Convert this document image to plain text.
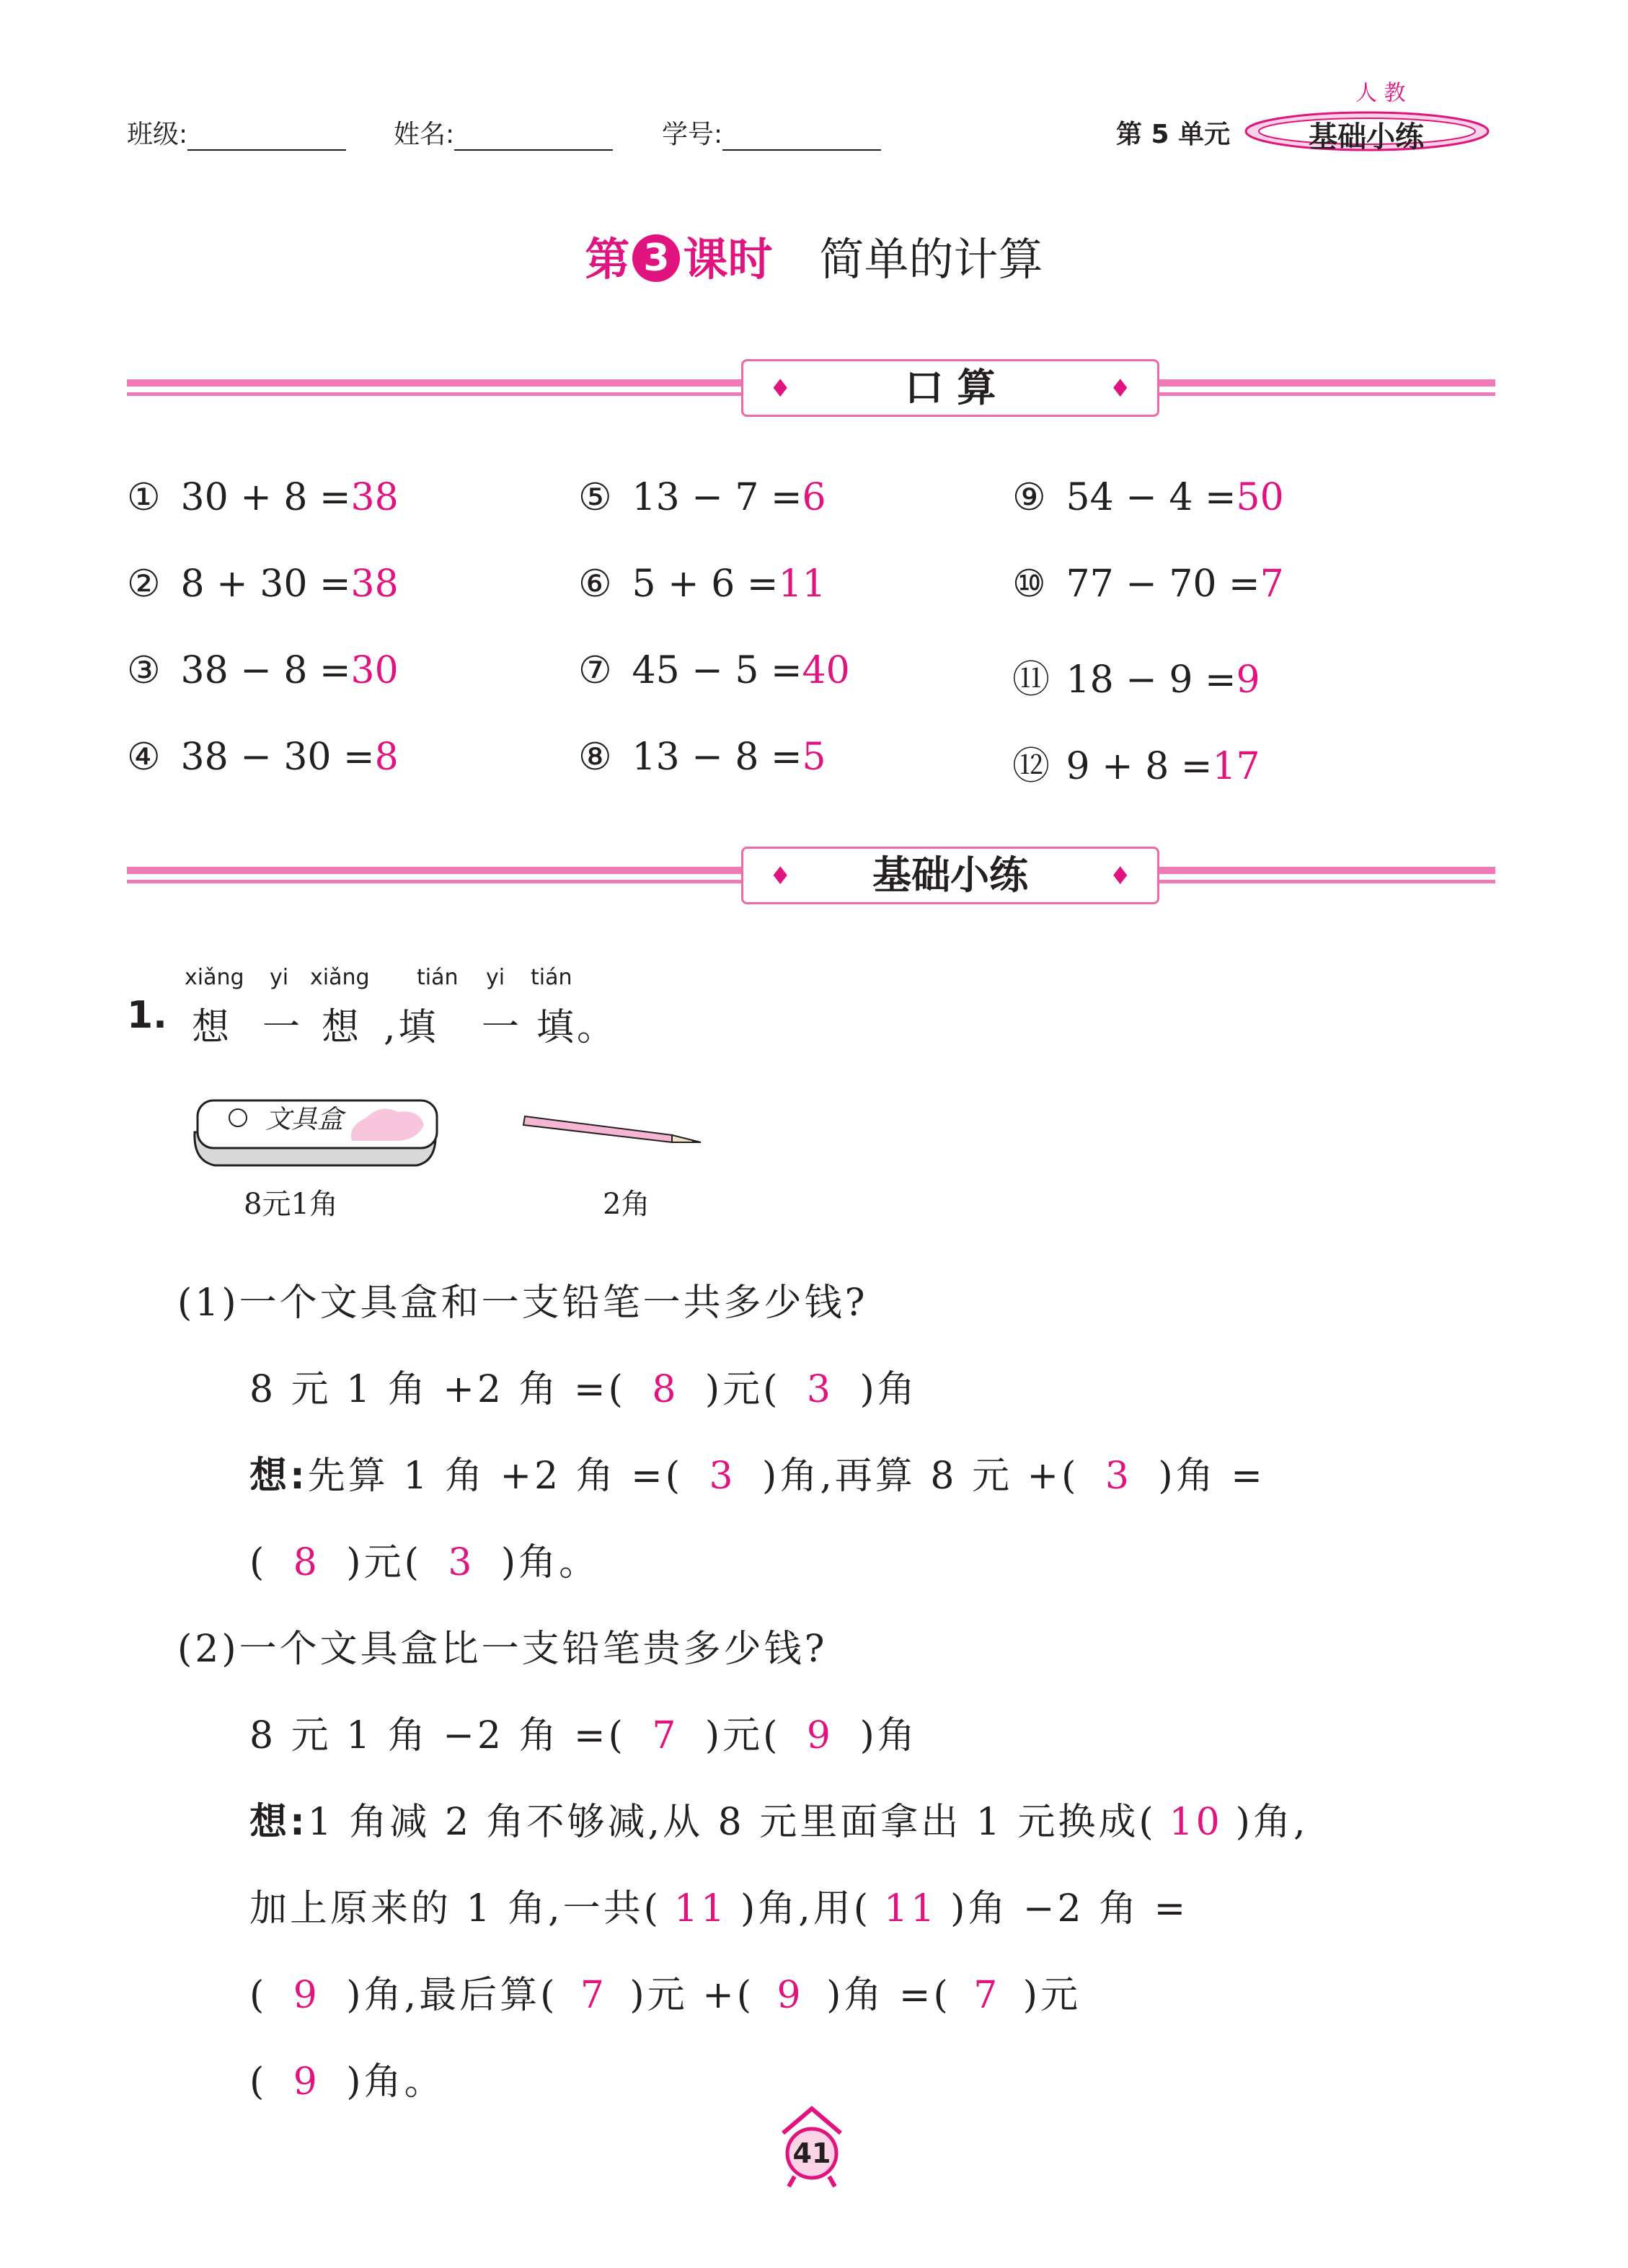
班级:	姓名:	学号:	第 5 单元
人 教
基础小练
第 3 课时 简单的计算
♦	口 算	♦
① 30 + 8 =38
② 8 + 30 =38
③ 38 − 8 =30
④ 38 − 30 =8
⑤ 13 − 7 =6
⑥ 5 + 6 =11
⑦ 45 − 5 =40
⑧ 13 − 8 =5
⑨ 54 − 4 =50
⑩ 77 − 70 =7
⑪ 18 − 9 =9
⑫ 9 + 8 =17
♦ 基础小练	♦
1.
xiǎng yi xiǎng tián yi tián
想 一 想 ,填 一 填。
文具盒
8元1角	2角
(1)一个文具盒和一支铅笔一共多少钱?
8 元 1 角 +2 角 =( 8 )元( 3 )角
想:先算 1 角 +2 角 =( 3 )角,再算 8 元 +( 3 )角 =
( 8 )元( 3 )角。
(2)一个文具盒比一支铅笔贵多少钱?
8 元 1 角 −2 角 =( 7 )元( 9 )角
想:1 角减 2 角不够减,从 8 元里面拿出 1 元换成( 10 )角,
加上原来的 1 角,一共( 11 )角,用( 11 )角 −2 角 =
( 9 )角,最后算( 7 )元 +( 9 )角 =( 7 )元
( 9 )角。
41
